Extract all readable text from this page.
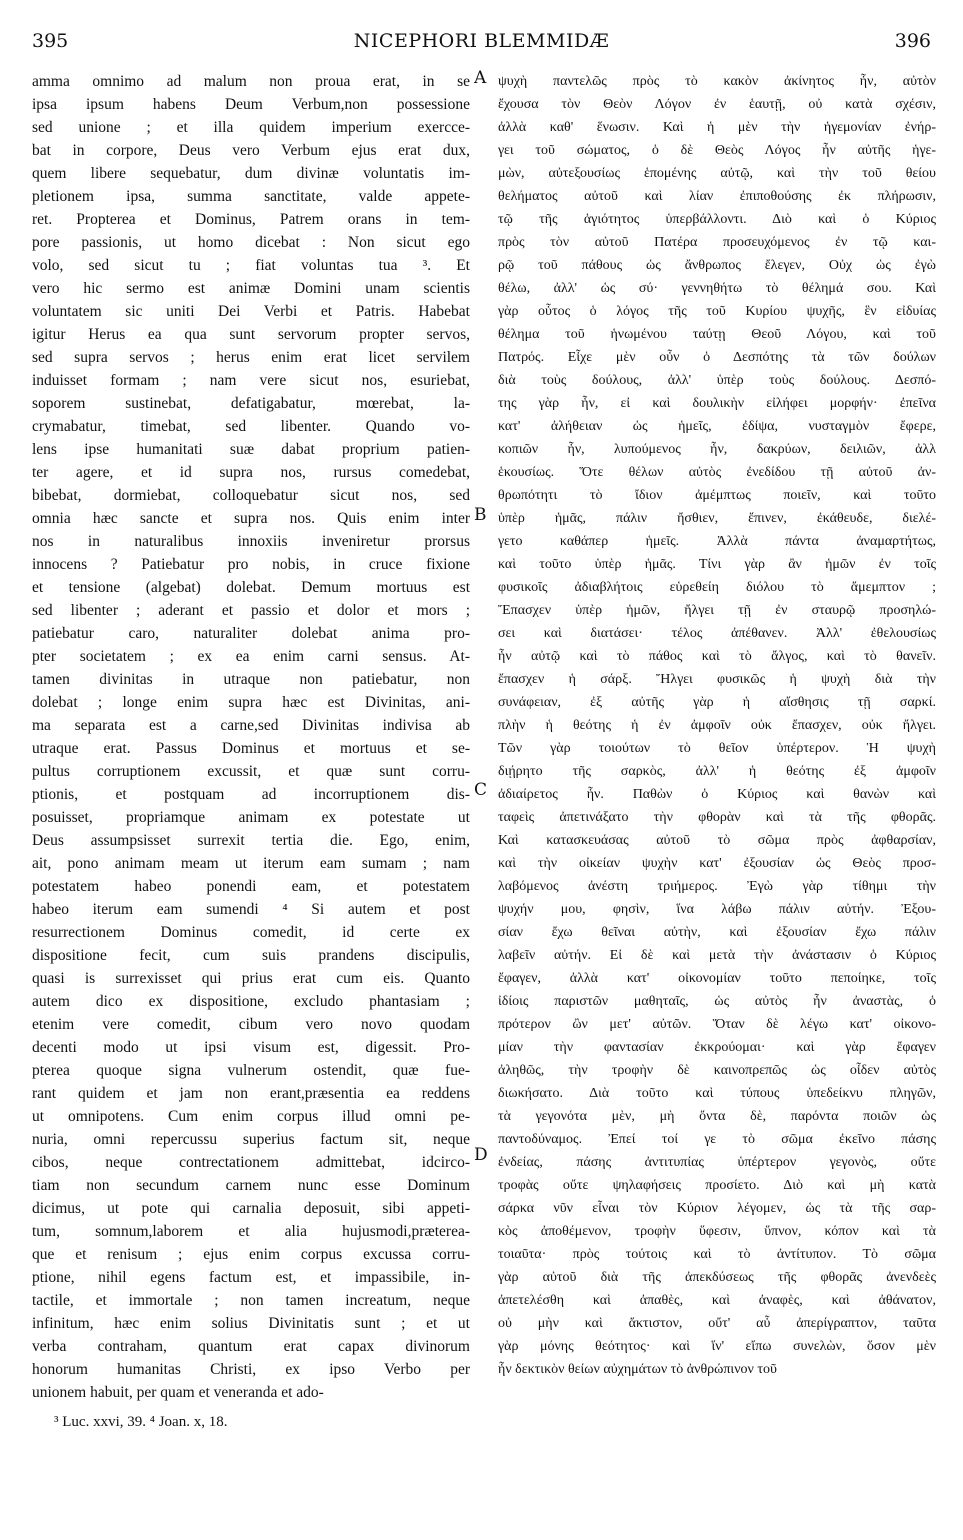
395	NICEPHORI BLEMMIDÆ	396
amma omnimo ad malum non proua erat, in se
ipsa ipsum habens Deum Verbum,non possessione
sed unione ; et illa quidem imperium exercce-
bat in corpore, Deus vero Verbum ejus erat dux,
quem libere sequebatur, dum divinæ voluntatis im-
pletionem ipsa, summa sanctitate, valde appete-
ret. Propterea et Dominus, Patrem orans in tem-
pore passionis, ut homo dicebat : Non sicut ego
volo, sed sicut tu ; fiat voluntas tua ³. Et
vero hic sermo est animæ Domini unam scientis
voluntatem sic uniti Dei Verbi et Patris. Habebat
igitur Herus ea qua sunt servorum propter servos,
sed supra servos ; herus enim erat licet servilem
induisset formam ; nam vere sicut nos, esuriebat,
soporem sustinebat, defatigabatur, mœrebat, la-
crymabatur, timebat, sed libenter. Quando vo-
lens ipse humanitati suæ dabat proprium patien-
ter agere, et id supra nos, rursus comedebat,
bibebat, dormiebat, colloquebatur sicut nos, sed
omnia hæc sancte et supra nos. Quis enim inter
nos in naturalibus innoxiis inveniretur prorsus
innocens ? Patiebatur pro nobis, in cruce fixione
et tensione (algebat) dolebat. Demum mortuus est
sed libenter ; aderant et passio et dolor et mors ;
patiebatur caro, naturaliter dolebat anima pro-
pter societatem ; ex ea enim carni sensus. At-
tamen divinitas in utraque non patiebatur, non
dolebat ; longe enim supra hæc est Divinitas, ani-
ma separata est a carne,sed Divinitas indivisa ab
utraque erat. Passus Dominus et mortuus et se-
pultus corruptionem excussit, et quæ sunt corru-
ptionis, et postquam ad incorruptionem dis-
posuisset, propriamque animam ex potestate ut
Deus assumpsisset surrexit tertia die. Ego, enim,
ait, pono animam meam ut iterum eam sumam ; nam
potestatem habeo ponendi eam, et potestatem
habeo iterum eam sumendi ⁴ Si autem et post
resurrectionem Dominus comedit, id certe ex
dispositione fecit, cum suis prandens discipulis,
quasi is surrexisset qui prius erat cum eis. Quanto
autem dico ex dispositione, excludo phantasiam ;
etenim vere comedit, cibum vero novo quodam
decenti modo ut ipsi visum est, digessit. Pro-
pterea quoque signa vulnerum ostendit, quæ fue-
rant quidem et jam non erant,præsentia ea reddens
ut omnipotens. Cum enim corpus illud omni pe-
nuria, omni repercussu superius factum sit, neque
cibos, neque contrectationem admittebat, idcirco-
tiam non secundum carnem nunc esse Dominum
dicimus, ut pote qui carnalia deposuit, sibi appeti-
tum, somnum,laborem et alia hujusmodi,præterea-
que et renisum ; ejus enim corpus excussa corru-
ptione, nihil egens factum est, et impassibile, in-
tactile, et immortale ; non tamen increatum, neque
infinitum, hæc enim solius Divinitatis sunt ; et ut
verba contraham, quantum erat capax divinorum
honorum humanitas Christi, ex ipso Verbo per
unionem habuit, per quam et veneranda et ado-
ψυχὴ παντελῶς πρὸς τὸ κακὸν ἀκίνητος ἦν, αὐτὸν
ἔχουσα τὸν Θεὸν Λόγον ἐν ἑαυτῇ, οὐ κατὰ σχέσιν,
ἀλλὰ καθ' ἕνωσιν. Καὶ ἡ μὲν τὴν ἡγεμονίαν ἐνήρ-
γει τοῦ σώματος, ὁ δὲ Θεὸς Λόγος ἦν αὐτῆς ἡγε-
μὼν, αὐτεξουσίως ἑπομένης αὐτῷ, καὶ τὴν τοῦ θείου
θελήματος αὐτοῦ καὶ λίαν ἐπιποθούσης ἐκ πλήρωσιν,
τῷ τῆς ἁγιότητος ὑπερβάλλοντι. Διὸ καὶ ὁ Κύριος
πρὸς τὸν αὐτοῦ Πατέρα προσευχόμενος ἐν τῷ και-
ρῷ τοῦ πάθους ὡς ἄνθρωπος ἔλεγεν, Οὐχ ὡς ἐγὼ
θέλω, ἀλλ' ὡς σύ· γεννηθήτω τὸ θέλημά σου. Καὶ
γὰρ οὗτος ὁ λόγος τῆς τοῦ Κυρίου ψυχῆς, ἓν εἰδυίας
θέλημα τοῦ ἡνωμένου ταύτῃ Θεοῦ Λόγου, καὶ τοῦ
Πατρός. Εἶχε μὲν οὖν ὁ Δεσπότης τὰ τῶν δούλων
διὰ τοὺς δούλους, ἀλλ' ὑπὲρ τοὺς δούλους. Δεσπό-
της γὰρ ἦν, εἰ καὶ δουλικὴν εἰλήφει μορφήν· ἐπεῖνα
κατ' ἀλήθειαν ὡς ἡμεῖς, ἐδίψα, νυσταγμὸν ἔφερε,
κοπιῶν ἦν, λυπούμενος ἦν, δακρύων, δειλιῶν, ἀλλ
ἑκουσίως. Ὅτε θέλων αὐτὸς ἐνεδίδου τῇ αὐτοῦ ἀν-
θρωπότητι τὸ ἴδιον ἀμέμπτως ποιεῖν, καὶ τοῦτο
ὑπὲρ ἡμᾶς, πάλιν ἤσθιεν, ἔπινεν, ἐκάθευδε, διελέ-
γετο καθάπερ ἡμεῖς. Ἀλλὰ πάντα ἀναμαρτήτως,
καὶ τοῦτο ὑπὲρ ἡμᾶς. Τίνι γὰρ ἂν ἡμῶν ἐν τοῖς
φυσικοῖς ἀδιαβλήτοις εὑρεθείη διόλου τὸ ἄμεμπτον ;
Ἔπασχεν ὑπὲρ ἡμῶν, ἤλγει τῇ ἐν σταυρῷ προσηλώ-
σει καὶ διατάσει· τέλος ἀπέθανεν. Ἀλλ' ἐθελουσίως
ἦν αὐτῷ καὶ τὸ πάθος καὶ τὸ ἄλγος, καὶ τὸ θανεῖν.
ἔπασχεν ἡ σάρξ. Ἤλγει φυσικῶς ἡ ψυχὴ διὰ τὴν
συνάφειαν, ἐξ αὐτῆς γὰρ ἡ αἴσθησις τῇ σαρκί.
πλὴν ἡ θεότης ἡ ἐν ἀμφοῖν οὐκ ἔπασχεν, οὐκ ἤλγει.
Τῶν γὰρ τοιούτων τὸ θεῖον ὑπέρτερον. Ἡ ψυχὴ
διῄρητο τῆς σαρκὸς, ἀλλ' ἡ θεότης ἐξ ἀμφοῖν
ἀδιαίρετος ἦν. Παθὼν ὁ Κύριος καὶ θανὼν καὶ
ταφεὶς ἀπετινάξατο τὴν φθορὰν καὶ τὰ τῆς φθορᾶς.
Καὶ κατασκευάσας αὐτοῦ τὸ σῶμα πρὸς ἀφθαρσίαν,
καὶ τὴν οἰκείαν ψυχὴν κατ' ἐξουσίαν ὡς Θεὸς προσ-
λαβόμενος ἀνέστη τριήμερος. Ἐγὼ γὰρ τίθημι τὴν
ψυχήν μου, φησὶν, ἵνα λάβω πάλιν αὐτήν. Ἐξου-
σίαν ἔχω θεῖναι αὐτὴν, καὶ ἐξουσίαν ἔχω πάλιν
λαβεῖν αὐτήν. Εἰ δὲ καὶ μετὰ τὴν ἀνάστασιν ὁ Κύριος
ἔφαγεν, ἀλλὰ κατ' οἰκονομίαν τοῦτο πεποίηκε, τοῖς
ἰδίοις παριστῶν μαθηταῖς, ὡς αὐτὸς ἦν ἀναστὰς, ὁ
πρότερον ὢν μετ' αὐτῶν. Ὅταν δὲ λέγω κατ' οἰκονο-
μίαν τὴν φαντασίαν ἐκκρούομαι· καὶ γὰρ ἔφαγεν
ἀληθῶς, τὴν τροφὴν δὲ καινοπρεπῶς ὡς οἶδεν αὐτὸς
διωκήσατο. Διὰ τοῦτο καὶ τύπους ὑπεδείκνυ πληγῶν,
τὰ γεγονότα μὲν, μὴ ὄντα δὲ, παρόντα ποιῶν ὡς
παντοδύναμος. Ἐπεί τοί γε τὸ σῶμα ἐκεῖνο πάσης
ἐνδείας, πάσης ἀντιτυπίας ὑπέρτερον γεγονὸς, οὔτε
τροφὰς οὔτε ψηλαφήσεις προσίετο. Διὸ καὶ μὴ κατὰ
σάρκα νῦν εἶναι τὸν Κύριον λέγομεν, ὡς τὰ τῆς σαρ-
κὸς ἀποθέμενον, τροφὴν ὕφεσιν, ὕπνον, κόπον καὶ τὰ
τοιαῦτα· πρὸς τούτοις καὶ τὸ ἀντίτυπον. Τὸ σῶμα
γὰρ αὐτοῦ διὰ τῆς ἀπεκδύσεως τῆς φθορᾶς ἀνενδεὲς
ἀπετελέσθη καὶ ἀπαθὲς, καὶ ἀναφὲς, καὶ ἀθάνατον,
οὐ μὴν καὶ ἄκτιστον, οὔτ' αὖ ἀπερίγραπτον, ταῦτα
γὰρ μόνης θεότητος· καὶ ἵν' εἴπω συνελὼν, ὅσον μὲν
ἦν δεκτικὸν θείων αὐχημάτων τὸ ἀνθρώπινον τοῦ
A
B
C
D
³ Luc. xxvi, 39. ⁴ Joan. x, 18.
